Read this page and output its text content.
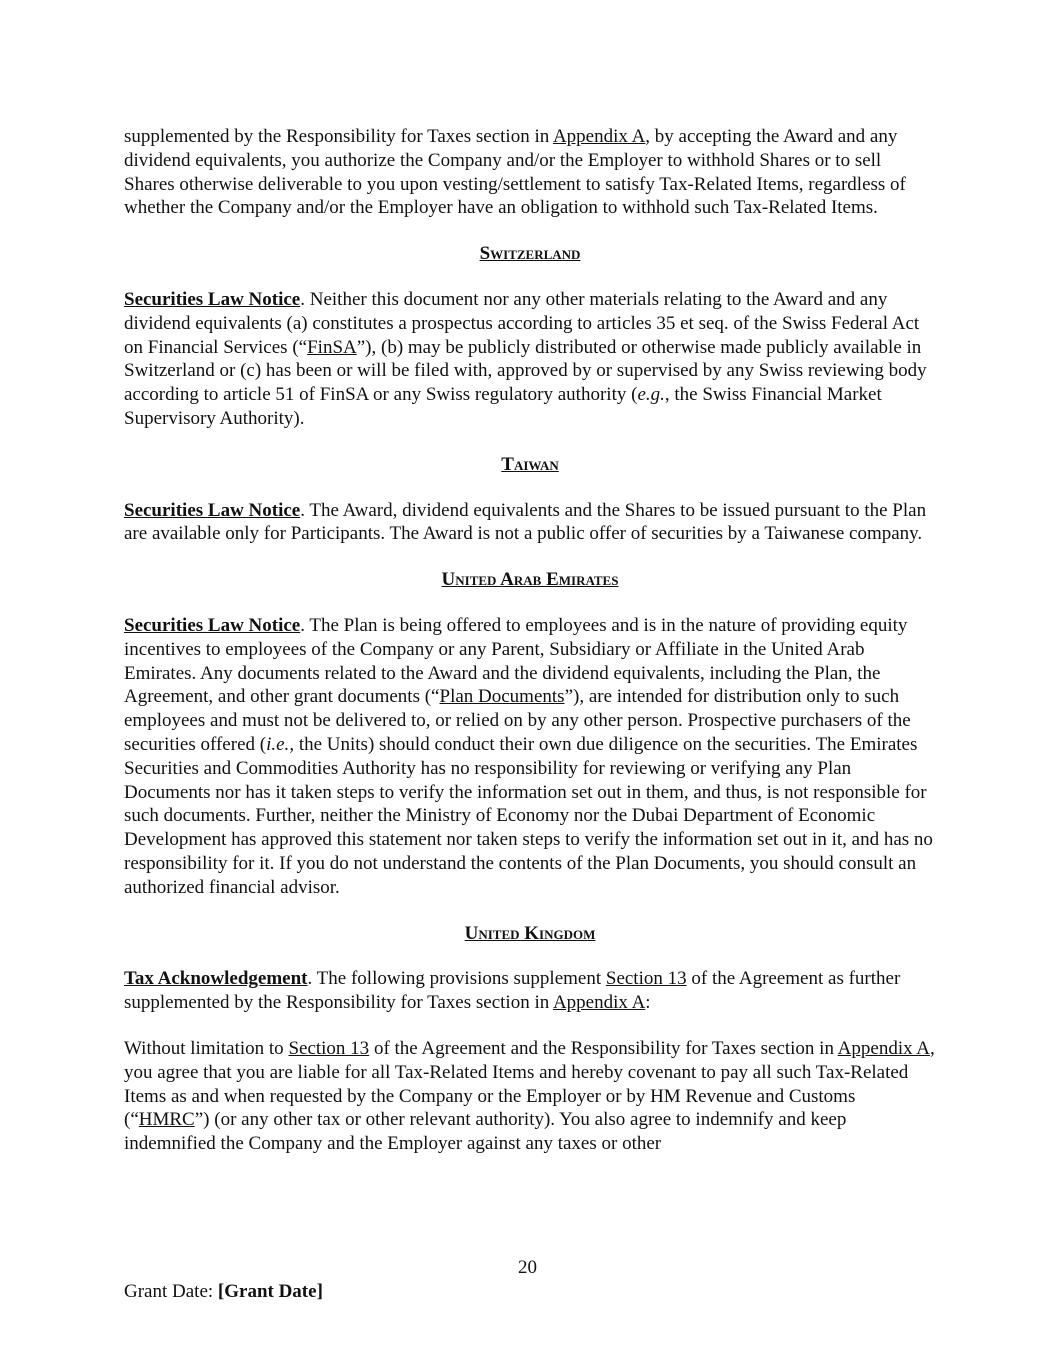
supplemented by the Responsibility for Taxes section in Appendix A, by accepting the Award and any dividend equivalents, you authorize the Company and/or the Employer to withhold Shares or to sell Shares otherwise deliverable to you upon vesting/settlement to satisfy Tax-Related Items, regardless of whether the Company and/or the Employer have an obligation to withhold such Tax-Related Items.

Switzerland

Securities Law Notice. Neither this document nor any other materials relating to the Award and any dividend equivalents (a) constitutes a prospectus according to articles 35 et seq. of the Swiss Federal Act on Financial Services (“FinSA”), (b) may be publicly distributed or otherwise made publicly available in Switzerland or (c) has been or will be filed with, approved by or supervised by any Swiss reviewing body according to article 51 of FinSA or any Swiss regulatory authority (e.g., the Swiss Financial Market Supervisory Authority).

Taiwan

Securities Law Notice. The Award, dividend equivalents and the Shares to be issued pursuant to the Plan are available only for Participants. The Award is not a public offer of securities by a Taiwanese company.

United Arab Emirates

Securities Law Notice. The Plan is being offered to employees and is in the nature of providing equity incentives to employees of the Company or any Parent, Subsidiary or Affiliate in the United Arab Emirates. Any documents related to the Award and the dividend equivalents, including the Plan, the Agreement, and other grant documents (“Plan Documents”), are intended for distribution only to such employees and must not be delivered to, or relied on by any other person. Prospective purchasers of the securities offered (i.e., the Units) should conduct their own due diligence on the securities. The Emirates Securities and Commodities Authority has no responsibility for reviewing or verifying any Plan Documents nor has it taken steps to verify the information set out in them, and thus, is not responsible for such documents. Further, neither the Ministry of Economy nor the Dubai Department of Economic Development has approved this statement nor taken steps to verify the information set out in it, and has no responsibility for it. If you do not understand the contents of the Plan Documents, you should consult an authorized financial advisor.

United Kingdom

Tax Acknowledgement. The following provisions supplement Section 13 of the Agreement as further supplemented by the Responsibility for Taxes section in Appendix A:

Without limitation to Section 13 of the Agreement and the Responsibility for Taxes section in Appendix A, you agree that you are liable for all Tax-Related Items and hereby covenant to pay all such Tax-Related Items as and when requested by the Company or the Employer or by HM Revenue and Customs (“HMRC”) (or any other tax or other relevant authority). You also agree to indemnify and keep indemnified the Company and the Employer against any taxes or other

20
Grant Date: [Grant Date]
